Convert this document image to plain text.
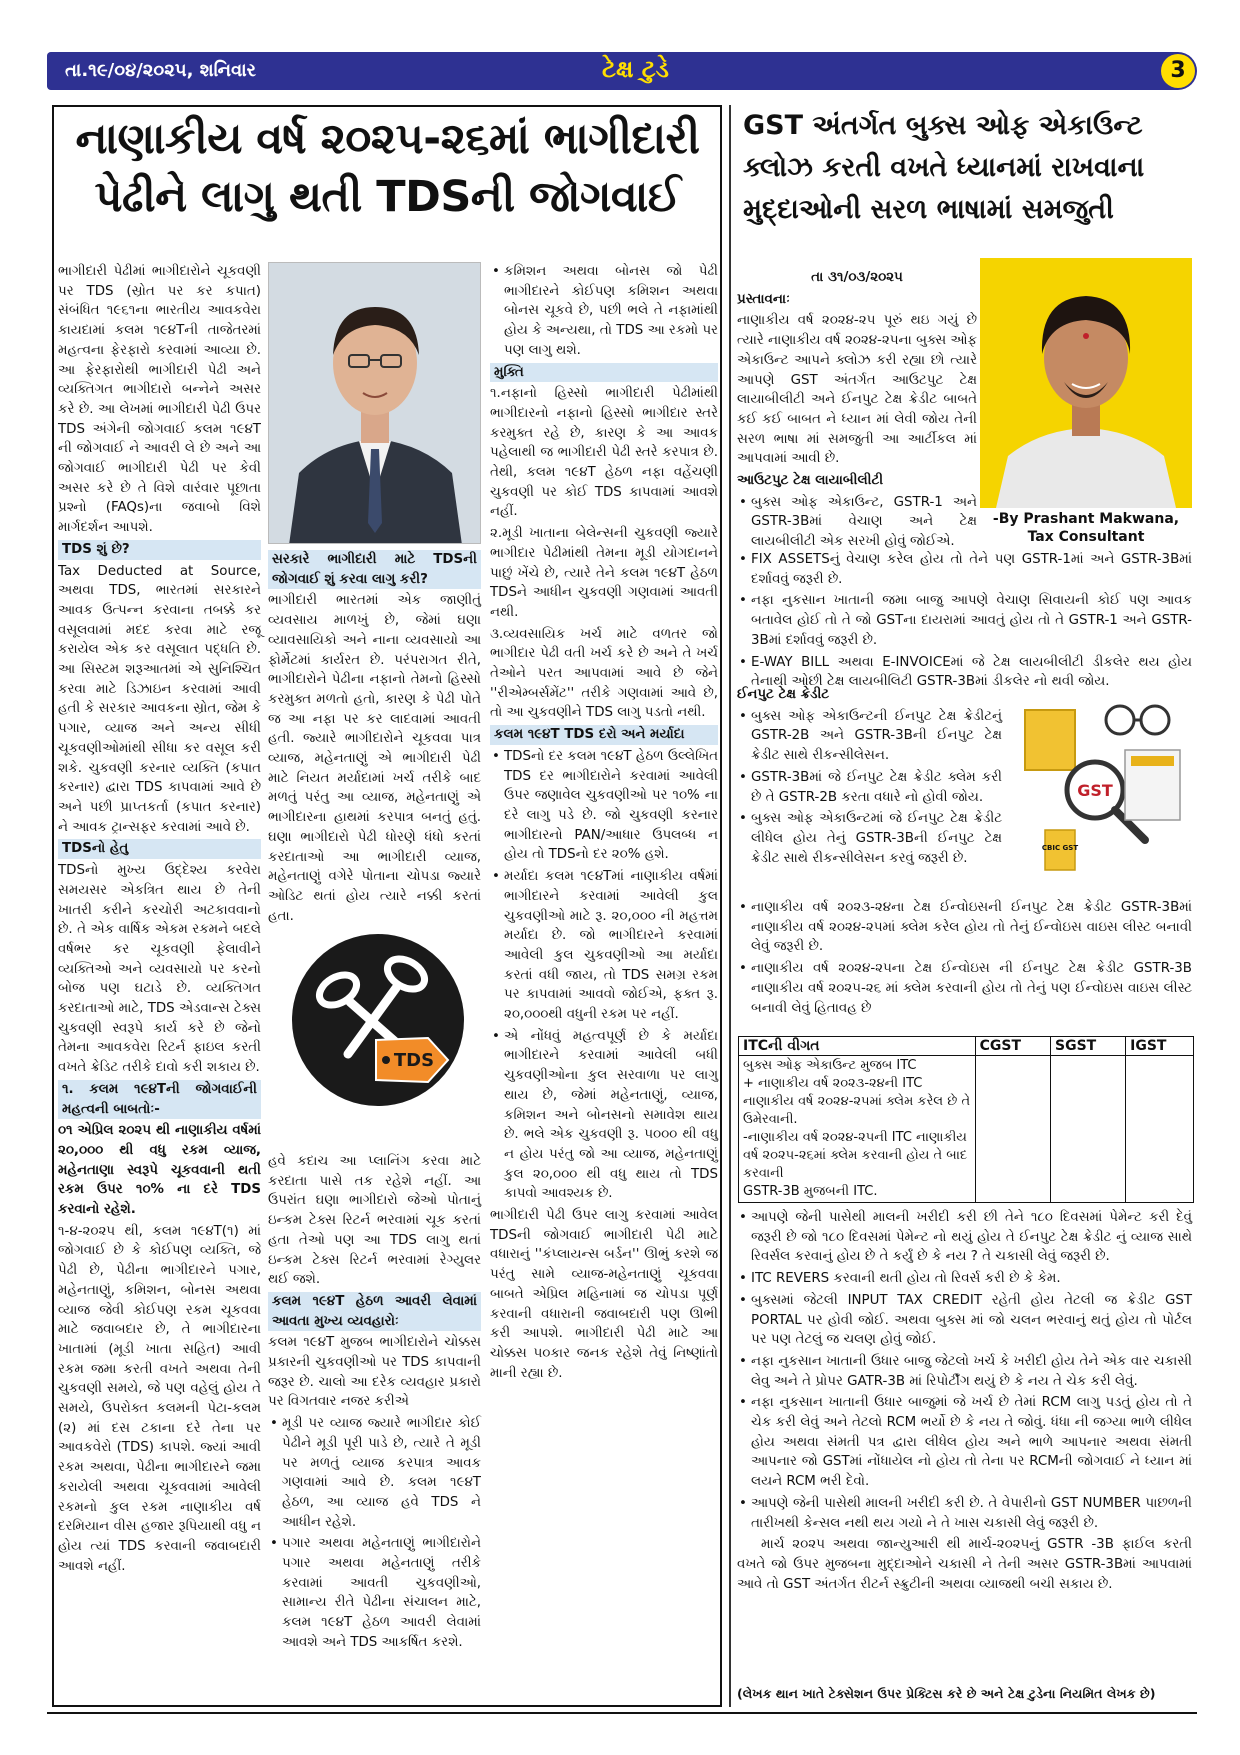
તા.૧૯/૦૪/૨૦૨૫, શનિવાર	ટેક્ષ ટુડે	3
નાણાકીય વર્ષ ૨૦૨૫-૨૬માં ભાગીદારી
પેઢીને લાગુ થતી TDSની જોગવાઈ

ભાગીદારી પેઢીમાં ભાગીદારોને ચૂકવણી પર TDS (સ્રોત પર કર કપાત) સંબંધિત ૧૯૬૧ના ભારતીય આવકવેરા કાયદામાં કલમ ૧૯૪Tની તાજેતરમાં મહત્વના ફેરફારો કરવામાં આવ્યા છે. આ ફેરફારોથી ભાગીદારી પેઢી અને વ્યક્તિગત ભાગીદારો બન્નેને અસર કરે છે. આ લેખમાં ભાગીદારી પેઢી ઉપર TDS અંગેની જોગવાઈ કલમ ૧૯૪T ની જોગવાઈ ને આવરી લે છે અને આ જોગવાઈ ભાગીદારી પેઢી પર કેવી અસર કરે છે તે વિશે વારંવાર પૂછાતા પ્રશ્નો (FAQs)ના જવાબો વિશે માર્ગદર્શન આપશે.

TDS શું છે?

Tax Deducted at Source, અથવા TDS, ભારતમાં સરકારને આવક ઉત્પન્ન કરવાના તબક્કે કર વસૂલવામાં મદદ કરવા માટે રજૂ કરાયેલ એક કર વસૂલાત પદ્ધતિ છે. આ સિસ્ટમ શરૂઆતમાં એ સુનિશ્ચિત કરવા માટે ડિઝાઇન કરવામાં આવી હતી કે સરકાર આવકના સ્રોત, જેમ કે પગાર, વ્યાજ અને અન્ય સીધી ચૂકવણીઓમાંથી સીધા કર વસૂલ કરી શકે. ચુકવણી કરનાર વ્યક્તિ (કપાત કરનાર) દ્વારા TDS કાપવામાં આવે છે અને પછી પ્રાપ્તકર્તા (કપાત કરનાર) ને આવક ટ્રાન્સફર કરવામાં આવે છે.

TDSનો હેતુ

TDSનો મુખ્ય ઉદ્દેશ્ય કરવેરા સમયસર એકત્રિત થાય છે તેની ખાતરી કરીને કરચોરી અટકાવવાનો છે. તે એક વાર્ષિક એકમ રકમને બદલે વર્ષભર કર ચૂકવણી ફેલાવીને વ્યક્તિઓ અને વ્યવસાયો પર કરનો બોજ પણ ઘટાડે છે. વ્યક્તિગત કરદાતાઓ માટે, TDS એડવાન્સ ટેક્સ ચુકવણી સ્વરૂપે કાર્ય કરે છે જેનો તેમના આવકવેરા રિટર્ન ફાઇલ કરતી વખતે ક્રેડિટ તરીકે દાવો કરી શકાય છે.

૧. કલમ ૧૯૪Tની જોગવાઈની મહત્વની બાબતોઃ-

૦૧ એપ્રિલ ૨૦૨૫ થી નાણાકીય વર્ષમાં ૨૦,૦૦૦ થી વધુ રકમ વ્યાજ, મહેનતાણા સ્વરૂપે ચૂકવવાની થતી રકમ ઉપર ૧૦% ના દરે TDS કરવાનો રહેશે.

૧-૪-૨૦૨૫ થી, કલમ ૧૯૪T(૧) માં જોગવાઈ છે કે કોઈપણ વ્યક્તિ, જે પેઢી છે, પેઢીના ભાગીદારને પગાર, મહેનતાણું, કમિશન, બોનસ અથવા વ્યાજ જેવી કોઈપણ રકમ ચૂકવવા માટે જવાબદાર છે, તે ભાગીદારના ખાતામાં (મૂડી ખાતા સહિત) આવી રકમ જમા કરતી વખતે અથવા તેની ચુકવણી સમયે, જે પણ વહેલું હોય તે સમયે, ઉપરોક્ત કલમની પેટા-કલમ (૨) માં દસ ટકાના દરે તેના પર આવકવેરો (TDS) કાપશે. જ્યાં આવી રકમ અથવા, પેઢીના ભાગીદારને જમા કરાયેલી અથવા ચૂકવવામાં આવેલી રકમનો કુલ રકમ નાણાકીય વર્ષ દરમિયાન વીસ હજાર રૂપિયાથી વધુ ન હોય ત્યાં TDS કરવાની જવાબદારી આવશે નહીં.

સરકારે ભાગીદારી માટે TDSની જોગવાઈ શું કરવા લાગુ કરી?

ભાગીદારી ભારતમાં એક જાણીતું વ્યવસાય માળખું છે, જેમાં ઘણા વ્યાવસાયિકો અને નાના વ્યવસાયો આ ફોર્મેટમાં કાર્યરત છે. પરંપરાગત રીતે, ભાગીદારોને પેઢીના નફાનો તેમનો હિસ્સો કરમુક્ત મળતો હતો, કારણ કે પેઢી પોતે જ આ નફા પર કર લાદવામાં આવતી હતી. જ્યારે ભાગીદારોને ચૂકવવા પાત્ર વ્યાજ, મહેનતાણું એ ભાગીદારી પેઢી માટે નિયત મર્યાદામાં ખર્ચ તરીકે બાદ મળતું પરંતુ આ વ્યાજ, મહેનતાણું એ ભાગીદારના હાથમાં કરપાત્ર બનતું હતું. ઘણા ભાગીદારો પેઢી ધોરણે ધંધો કરતાં કરદાતાઓ આ ભાગીદારી વ્યાજ, મહેનતાણું વગેરે પોતાના ચોપડા જ્યારે ઓડિટ થતાં હોય ત્યારે નક્કી કરતાં હતા.

TDS

હવે કદાચ આ પ્લાનિંગ કરવા માટે કરદાતા પાસે તક રહેશે નહીં. આ ઉપરાંત ઘણા ભાગીદારો જેઓ પોતાનું ઇન્કમ ટેક્સ રિટર્ન ભરવામાં ચૂક કરતાં હતા તેઓ પણ આ TDS લાગુ થતાં ઇન્કમ ટેક્સ રિટર્ન ભરવામાં રેગ્યુલર થઈ જશે.

કલમ ૧૯૪T હેઠળ આવરી લેવામાં આવતા મુખ્ય વ્યવહારોઃ

કલમ ૧૯૪T મુજબ ભાગીદારોને ચોક્કસ પ્રકારની ચુકવણીઓ પર TDS કાપવાની જરૂર છે. ચાલો આ દરેક વ્યવહાર પ્રકારો પર વિગતવાર નજર કરીએ

• મૂડી પર વ્યાજ જ્યારે ભાગીદાર કોઈ પેઢીને મૂડી પૂરી પાડે છે, ત્યારે તે મૂડી પર મળતું વ્યાજ કરપાત્ર આવક ગણવામાં આવે છે. કલમ ૧૯૪T હેઠળ, આ વ્યાજ હવે TDS ને આધીન રહેશે.
• પગાર અથવા મહેનતાણું ભાગીદારોને પગાર અથવા મહેનતાણું તરીકે કરવામાં આવતી ચુકવણીઓ, સામાન્ય રીતે પેઢીના સંચાલન માટે, કલમ ૧૯૪T હેઠળ આવરી લેવામાં આવશે અને TDS આકર્ષિત કરશે.
• કમિશન અથવા બોનસ જો પેઢી ભાગીદારને કોઈપણ કમિશન અથવા બોનસ ચૂકવે છે, પછી ભલે તે નફામાંથી હોય કે અન્યથા, તો TDS આ રકમો પર પણ લાગુ થશે.
મુક્તિ

૧.નફાનો હિસ્સો ભાગીદારી પેઢીમાંથી ભાગીદારનો નફાનો હિસ્સો ભાગીદાર સ્તરે કરમુક્ત રહે છે, કારણ કે આ આવક પહેલાથી જ ભાગીદારી પેઢી સ્તરે કરપાત્ર છે. તેથી, કલમ ૧૯૪T હેઠળ નફા વહેંચણી ચુકવણી પર કોઈ TDS કાપવામાં આવશે નહીં.

૨.મૂડી ખાતાના બેલેન્સની ચુકવણી જ્યારે ભાગીદાર પેઢીમાંથી તેમના મૂડી યોગદાનને પાછું ખેંચે છે, ત્યારે તેને કલમ ૧૯૪T હેઠળ TDSને આધીન ચુકવણી ગણવામાં આવતી નથી.

૩.વ્યવસાયિક ખર્ચ માટે વળતર જો ભાગીદાર પેઢી વતી ખર્ચ કરે છે અને તે ખર્ચ તેઓને પરત આપવામાં આવે છે જેને ''રીએમ્બર્સમેંટ'' તરીકે ગણવામાં આવે છે, તો આ ચુકવણીને TDS લાગુ પડતો નથી.

કલમ ૧૯૪T TDS દરો અને મર્યાદા
• TDSનો દર કલમ ૧૯૪T હેઠળ ઉલ્લેખિત TDS દર ભાગીદારોને કરવામાં આવેલી ઉપર જણાવેલ ચુકવણીઓ પર ૧૦% ના દરે લાગુ પડે છે. જો ચુકવણી કરનાર ભાગીદારનો PAN/આધાર ઉપલબ્ધ ન હોય તો TDSનો દર ૨૦% હશે.
• મર્યાદા કલમ ૧૯૪Tમાં નાણાકીય વર્ષમાં ભાગીદારને કરવામાં આવેલી કુલ ચુકવણીઓ માટે રૂ. ૨૦,૦૦૦ ની મહત્તમ મર્યાદા છે. જો ભાગીદારને કરવામાં આવેલી કુલ ચુકવણીઓ આ મર્યાદા કરતાં વધી જાય, તો TDS સમગ્ર રકમ પર કાપવામાં આવવો જોઈએ, ફક્ત રૂ. ૨૦,૦૦૦થી વધુની રકમ પર નહીં.
• એ નોંધવું મહત્વપૂર્ણ છે કે મર્યાદા ભાગીદારને કરવામાં આવેલી બધી ચુકવણીઓના કુલ સરવાળા પર લાગુ થાય છે, જેમાં મહેનતાણું, વ્યાજ, કમિશન અને બોનસનો સમાવેશ થાય છે. ભલે એક ચુકવણી રૂ. ૫૦૦૦ થી વધુ ન હોય પરંતુ જો આ વ્યાજ, મહેનતાણું કુલ ૨૦,૦૦૦ થી વધુ થાય તો TDS કાપવો આવશ્યક છે.

ભાગીદારી પેઢી ઉપર લાગુ કરવામાં આવેલ TDSની જોગવાઈ ભાગીદારી પેઢી માટે વધારાનું ''કંપ્લાયન્સ બર્ડન'' ઊભું કરશે જ પરંતુ સામે વ્યાજ-મહેનતાણું ચૂકવવા બાબતે એપ્રિલ મહિનામાં જ ચોપડા પૂર્ણ કરવાની વધારાની જવાબદારી પણ ઊભી કરી આપશે. ભાગીદારી પેઢી માટે આ ચોક્કસ ૫૦કાર જનક રહેશે તેવું નિષ્ણાંતો માની રહ્યા છે.

GST અંતર્ગત બુક્સ ઓફ એકાઉન્ટ
ક્લોઝ કરતી વખતે ધ્યાનમાં રાખવાના
મુદ્દાઓની સરળ ભાષામાં સમજુતી
-By Prashant Makwana,
Tax Consultant

તા ૩૧/૦૩/૨૦૨૫

પ્રસ્તાવનાઃ

નાણાકીય વર્ષ ૨૦૨૪-૨૫ પૂરું થઇ ગયું છે ત્યારે નાણાકીય વર્ષ ૨૦૨૪-૨૫ના બુક્સ ઓફ એકાઉન્ટ આપને ક્લોઝ કરી રહ્યા છો ત્યારે આપણે GST અંતર્ગત આઉટપુટ ટેક્ષ લાયાબીલીટી અને ઈનપુટ ટેક્ષ ક્રેડીટ બાબતે કઈ કઈ બાબત ને ધ્યાન માં લેવી જોય તેની સરળ ભાષા માં સમજુતી આ આર્ટીકલ માં આપવામાં આવી છે.

આઉટપુટ ટેક્ષ લાયાબીલીટી
• બુક્સ ઓફ એકાઉન્ટ, GSTR-1 અને GSTR-3Bમાં વેચાણ અને ટેક્ષ લાયબીલીટી એક સરખી હોવું જોઈએ.
• FIX ASSETSનું વેચાણ કરેલ હોય તો તેને પણ GSTR-1માં અને GSTR-3Bમાં દર્શાવવું જરૂરી છે.
• નફા નુકસાન ખાતાની જમા બાજુ આપણે વેચાણ સિવાયની કોઈ પણ આવક બતાવેલ હોઈ તો તે જો GSTના દાયરામાં આવતું હોય તો તે GSTR-1 અને GSTR-3Bમાં દર્શાવવું જરૂરી છે.
• E-WAY BILL અથવા E-INVOICEમાં જે ટેક્ષ લાયબીલીટી ડીકલેર થય હોય તેનાથી ઓછી ટેક્ષ લાયબીલિટી GSTR-3Bમાં ડીકલેર નો થવી જોય.
ઈનપુટ ટેક્ષ ક્રેડીટ
• બુક્સ ઓફ એકાઉન્ટની ઈનપુટ ટેક્ષ ક્રેડીટનું GSTR-2B અને GSTR-3Bની ઈનપુટ ટેક્ષ ક્રેડીટ સાથે રીકન્સીલેસન.
• GSTR-3Bમાં જે ઈનપુટ ટેક્ષ ક્રેડીટ ક્લેમ કરી છે તે GSTR-2B કરતા વધારે નો હોવી જોય.
• બુક્સ ઓફ એકાઉન્ટમાં જે ઈનપુટ ટેક્ષ ક્રેડીટ લીધેલ હોય તેનું GSTR-3Bની ઈનપુટ ટેક્ષ ક્રેડીટ સાથે રીકન્સીલેસન કરવું જરૂરી છે.
GST
CBIC GST
• નાણાકીય વર્ષ ૨૦૨૩-૨૪ના ટેક્ષ ઈન્વોઇસની ઈનપુટ ટેક્ષ ક્રેડીટ GSTR-3Bમાં નાણાકીય વર્ષ ૨૦૨૪-૨૫માં ક્લેમ કરેલ હોય તો તેનું ઈન્વોઇસ વાઇસ લીસ્ટ બનાવી લેવું જરૂરી છે.
• નાણાકીય વર્ષ ૨૦૨૪-૨૫ના ટેક્ષ ઈન્વોઇસ ની ઈનપુટ ટેક્ષ ક્રેડીટ GSTR-3B નાણાકીય વર્ષ ૨૦૨૫-૨૬ માં ક્લેમ કરવાની હોય તો તેનું પણ ઈન્વોઇસ વાઇસ લીસ્ટ બનાવી લેવું હિતાવહ છે
ITCની વીગત	CGST	SGST	IGST

બુક્સ ઓફ એકાઉન્ટ મુજબ ITC
+ નાણાકીય વર્ષ ૨૦૨૩-૨૪ની ITC નાણાકીય વર્ષ ૨૦૨૪-૨૫માં ક્લેમ કરેલ છે તે ઉમેરવાની.
-નાણાકીય વર્ષ ૨૦૨૪-૨૫ની ITC નાણાકીય વર્ષ ૨૦૨૫-૨૬માં ક્લેમ કરવાની હોય તે બાદ કરવાની
GSTR-3B મુજબની ITC.			

• આપણે જેની પાસેથી માલની ખરીદી કરી છી તેને ૧૮૦ દિવસમાં પેમેન્ટ કરી દેવું જરૂરી છે જો ૧૮૦ દિવસમાં પેમેન્ટ નો થયું હોય તે ઈનપુટ ટેક્ષ ક્રેડીટ નું વ્યાજ સાથે રિવર્સલ કરવાનું હોય છે તે કર્યું છે કે નય ? તે ચકાસી લેવું જરૂરી છે.
• ITC REVERS કરવાની થતી હોય તો રિવર્સ કરી છે કે કેમ.
• બુક્સમાં જેટલી INPUT TAX CREDIT રહેતી હોય તેટલી જ ક્રેડીટ GST PORTAL પર હોવી જોઈ. અથવા બુક્સ માં જો ચલન ભરવાનું થતું હોય તો પોર્ટલ પર પણ તેટલું જ ચલણ હોવું જોઈ.
• નફા નુકસાન ખાતાની ઉધાર બાજુ જેટલો ખર્ચ કે ખરીદી હોય તેને એક વાર ચકાસી લેવુ અને તે પ્રોપર GATR-3B માં રિપોર્ટીંગ થયું છે કે નય તે ચેક કરી લેવું.
• નફા નુકસાન ખાતાની ઉધાર બાજુમાં જે ખર્ચ છે તેમાં RCM લાગુ પડતું હોય તો તે ચેક કરી લેવું અને તેટલો RCM ભર્યો છે કે નય તે જોવું. ધંધા ની જગ્યા ભાળે લીધેલ હોય અથવા સંમતી પત્ર દ્વારા લીધેલ હોય અને ભાળે આપનાર અથવા સંમતી આપનાર જો GSTમાં નોંધાયેલ નો હોય તો તેના પર RCMની જોગવાઈ ને ધ્યાન માં લયને RCM ભરી દેવો.
• આપણે જેની પાસેથી માલની ખરીદી કરી છે. તે વેપારીનો GST NUMBER પાછળની તારીખથી કેન્સલ નથી થય ગયો ને તે ખાસ ચકાસી લેવું જરૂરી છે.

માર્ચ ૨૦૨૫ અથવા જાન્યુઆરી થી માર્ચ-૨૦૨૫નું GSTR -3B ફાઈલ કરતી વખતે જો ઉપર મુજબના મુદ્દાઓને ચકાસી ને તેની અસર GSTR-3Bમાં આપવામાં આવે તો GST અંતર્ગત રીટર્ન સ્ક્રુટીની અથવા વ્યાજથી બચી સકાય છે.

(લેખક થાન ખાતે ટેક્સેશન ઉપર પ્રેક્ટિસ કરે છે અને ટેક્ષ ટુડેના નિયમિત લેખક છે)
